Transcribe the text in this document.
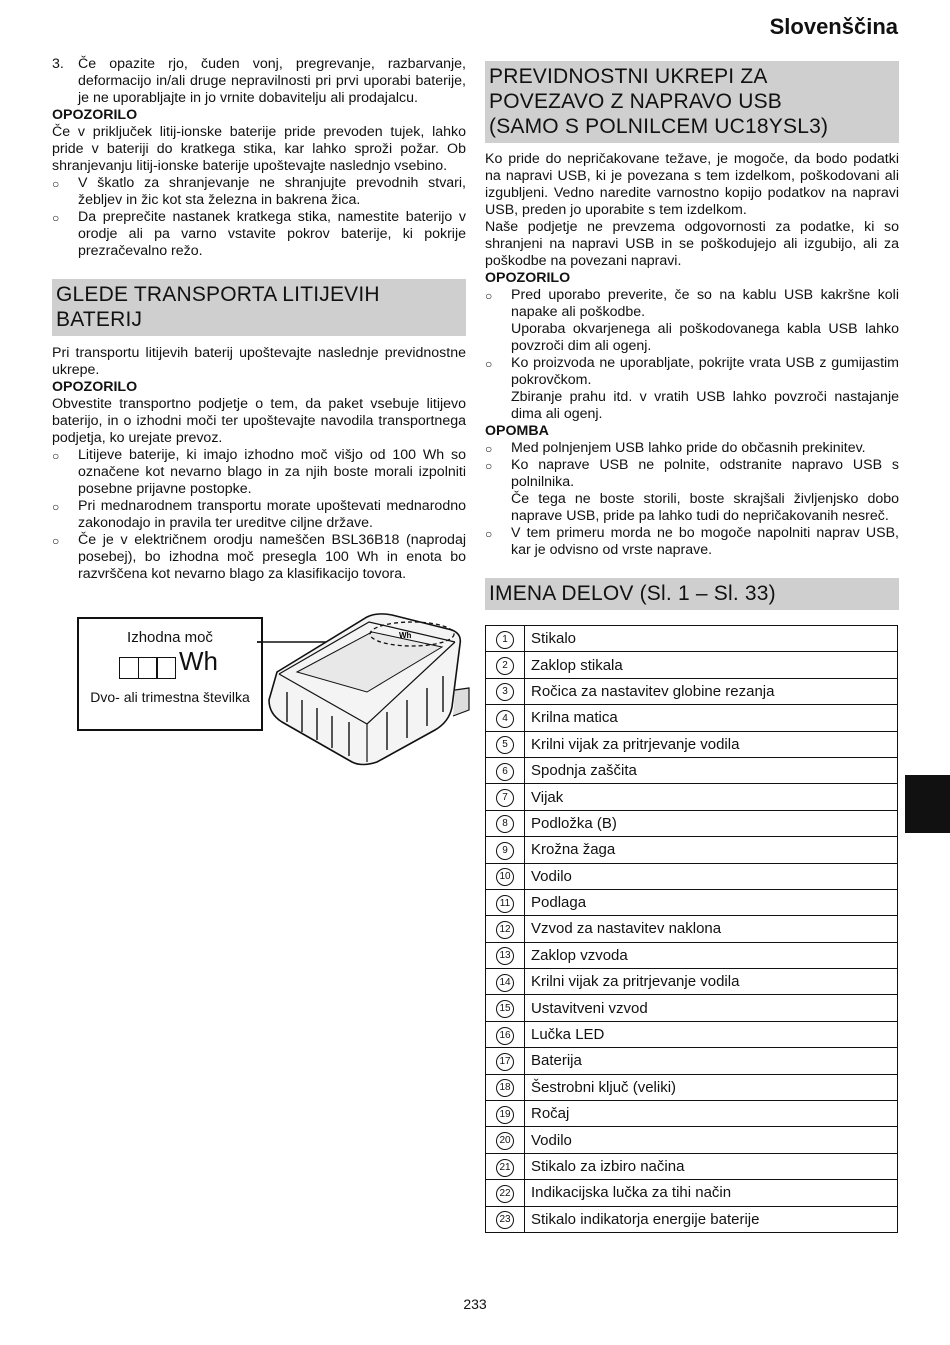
Slovenščina
3. Če opazite rjo, čuden vonj, pregrevanje, razbarvanje, deformacijo in/ali druge nepravilnosti pri prvi uporabi baterije, je ne uporabljajte in jo vrnite dobavitelju ali prodajalcu.

OPOZORILO

Če v priključek litij-ionske baterije pride prevoden tujek, lahko pride v bateriji do kratkega stika, kar lahko sproži požar. Ob shranjevanju litij-ionske baterije upoštevajte naslednjo vsebino.

○	V škatlo za shranjevanje ne shranjujte prevodnih stvari, žebljev in žic kot sta železna in bakrena žica.
○	Da preprečite nastanek kratkega stika, namestite baterijo v orodje ali pa varno vstavite pokrov baterije, ki pokrije prezračevalno režo.
GLEDE TRANSPORTA LITIJEVIH
BATERIJ

Pri transportu litijevih baterij upoštevajte naslednje previdnostne ukrepe.

OPOZORILO

Obvestite transportno podjetje o tem, da paket vsebuje litijevo baterijo, in o izhodni moči ter upoštevajte navodila transportnega podjetja, ko urejate prevoz.

○	Litijeve baterije, ki imajo izhodno moč višjo od 100 Wh so označene kot nevarno blago in za njih boste morali izpolniti posebne prijavne postopke.
○	Pri mednarodnem transportu morate upoštevati mednarodno zakonodajo in pravila ter ureditve ciljne države.
○	Če je v električnem orodju nameščen BSL36B18 (naprodaj posebej), bo izhodna moč presegla 100 Wh in enota bo razvrščena kot nevarno blago za klasifikacijo tovora.
Izhodna moč
Wh
Dvo- ali trimestna številka
Wh
PREVIDNOSTNI UKREPI ZA
POVEZAVO Z NAPRAVO USB
(SAMO S POLNILCEM UC18YSL3)

Ko pride do nepričakovane težave, je mogoče, da bodo podatki na napravi USB, ki je povezana s tem izdelkom, poškodovani ali izgubljeni. Vedno naredite varnostno kopijo podatkov na napravi USB, preden jo uporabite s tem izdelkom.

Naše podjetje ne prevzema odgovornosti za podatke, ki so shranjeni na napravi USB in se poškodujejo ali izgubijo, ali za poškodbe na povezani napravi.

OPOZORILO

○	Pred uporabo preverite, če so na kablu USB kakršne koli napake ali poškodbe.
Uporaba okvarjenega ali poškodovanega kabla USB lahko povzroči dim ali ogenj.
○	Ko proizvoda ne uporabljate, pokrijte vrata USB z gumijastim pokrovčkom.
Zbiranje prahu itd. v vratih USB lahko povzroči nastajanje dima ali ogenj.

OPOMBA

○	Med polnjenjem USB lahko pride do občasnih prekinitev.
○	Ko naprave USB ne polnite, odstranite napravo USB s polnilnika.
Če tega ne boste storili, boste skrajšali življenjsko dobo naprave USB, pride pa lahko tudi do nepričakovanih nesreč.
○	V tem primeru morda ne bo mogoče napolniti naprav USB, kar je odvisno od vrste naprave.
IMENA DELOV (Sl. 1 – Sl. 33)
1	Stikalo
2	Zaklop stikala
3	Ročica za nastavitev globine rezanja
4	Krilna matica
5	Krilni vijak za pritrjevanje vodila
6	Spodnja zaščita
7	Vijak
8	Podložka (B)
9	Krožna žaga
10	Vodilo
11	Podlaga
12	Vzvod za nastavitev naklona
13	Zaklop vzvoda
14	Krilni vijak za pritrjevanje vodila
15	Ustavitveni vzvod
16	Lučka LED
17	Baterija
18	Šestrobni ključ (veliki)
19	Ročaj
20	Vodilo
21	Stikalo za izbiro načina
22	Indikacijska lučka za tihi način
23	Stikalo indikatorja energije baterije
233
